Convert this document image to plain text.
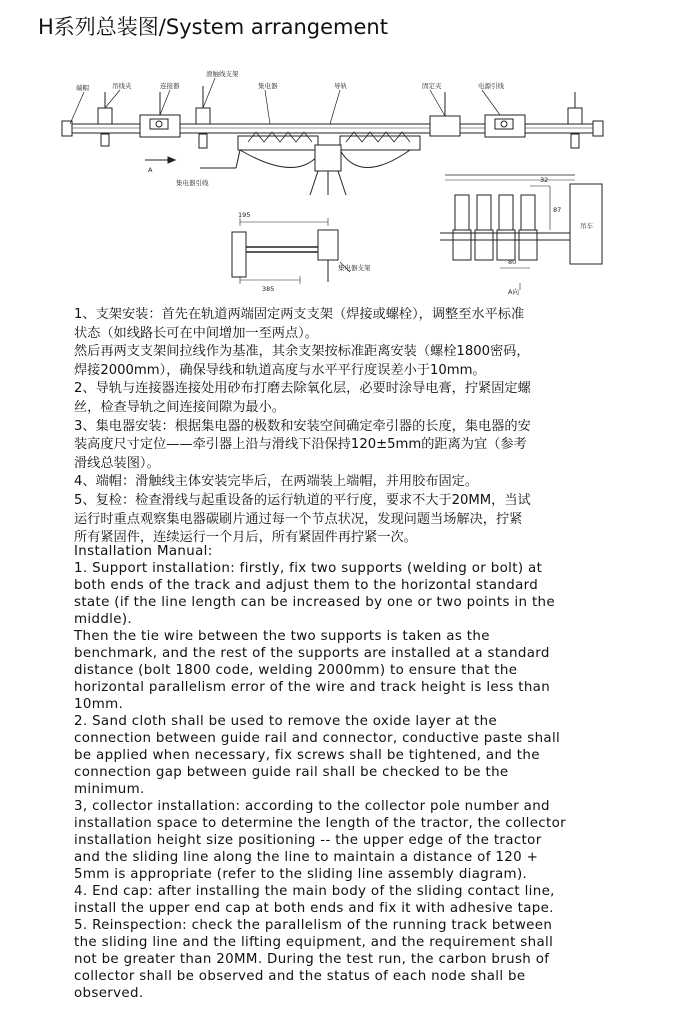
H系列总装图/System arrangement
端帽	吊线夹	连接器
滑触线支架
集电器	导轨	固定夹	电源引线
集电器引线
集电器支架
A
A向
吊车
195
385
32
80
87
1、支架安装：首先在轨道两端固定两支支架（焊接或螺栓），调整至水平标准
状态（如线路长可在中间增加一至两点）。
然后再两支支架间拉线作为基准，其余支架按标准距离安装（螺栓1800密码，
焊接2000mm），确保导线和轨道高度与水平平行度误差小于10mm。
2、导轨与连接器连接处用砂布打磨去除氧化层，必要时涂导电膏，拧紧固定螺
丝，检查导轨之间连接间隙为最小。
3、集电器安装：根据集电器的极数和安装空间确定牵引器的长度，集电器的安
装高度尺寸定位——牵引器上沿与滑线下沿保持120±5mm的距离为宜（参考
滑线总装图）。
4、端帽：滑触线主体安装完毕后，在两端装上端帽，并用胶布固定。
5、复检：检查滑线与起重设备的运行轨道的平行度，要求不大于20MM，当试
运行时重点观察集电器碳刷片通过每一个节点状况，发现问题当场解决，拧紧
所有紧固件，连续运行一个月后，所有紧固件再拧紧一次。
Installation Manual:
1. Support installation: firstly, fix two supports (welding or bolt) at
both ends of the track and adjust them to the horizontal standard
state (if the line length can be increased by one or two points in the
middle).
Then the tie wire between the two supports is taken as the
benchmark, and the rest of the supports are installed at a standard
distance (bolt 1800 code, welding 2000mm) to ensure that the
horizontal parallelism error of the wire and track height is less than
10mm.
2. Sand cloth shall be used to remove the oxide layer at the
connection between guide rail and connector, conductive paste shall
be applied when necessary, fix screws shall be tightened, and the
connection gap between guide rail shall be checked to be the
minimum.
3, collector installation: according to the collector pole number and
installation space to determine the length of the tractor, the collector
installation height size positioning -- the upper edge of the tractor
and the sliding line along the line to maintain a distance of 120 +
5mm is appropriate (refer to the sliding line assembly diagram).
4. End cap: after installing the main body of the sliding contact line,
install the upper end cap at both ends and fix it with adhesive tape.
5. Reinspection: check the parallelism of the running track between
the sliding line and the lifting equipment, and the requirement shall
not be greater than 20MM. During the test run, the carbon brush of
collector shall be observed and the status of each node shall be
observed.
